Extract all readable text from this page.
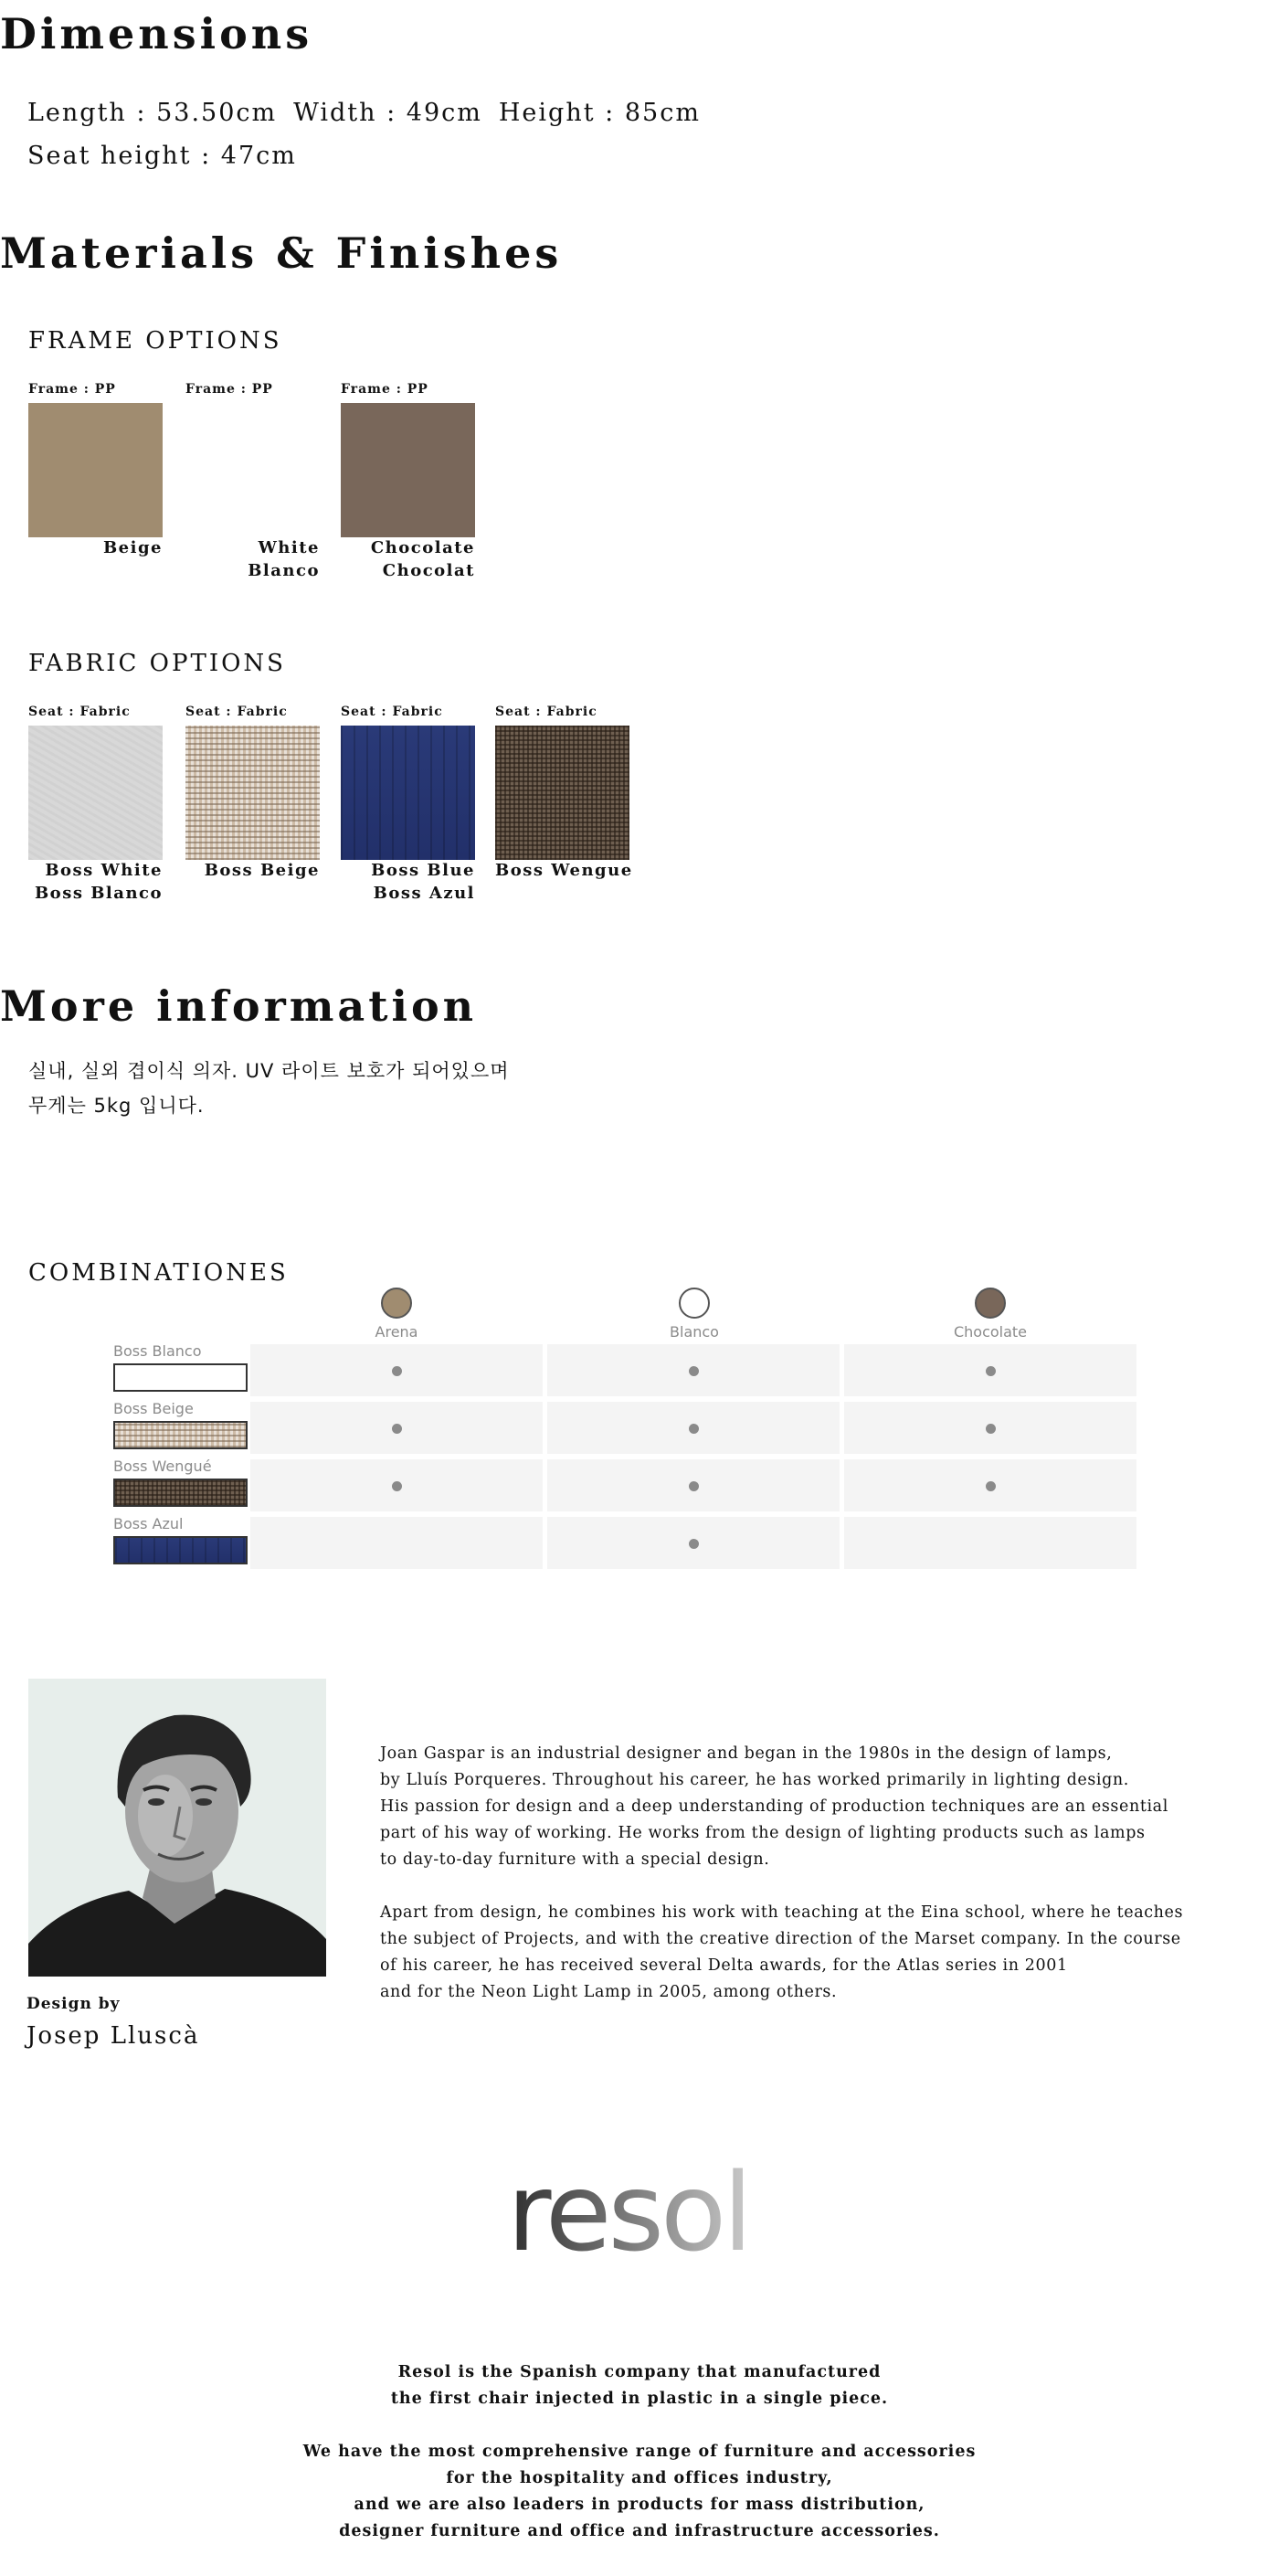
Dimensions
Length : 53.50cm Width : 49cm Height : 85cm
Seat height : 47cm
Materials & Finishes
FRAME OPTIONS
Frame : PP
Beige
Frame : PP
White
Blanco
Frame : PP
Chocolate
Chocolat
FABRIC OPTIONS
Seat : Fabric
Boss White
Boss Blanco
Seat : Fabric
Boss Beige
Seat : Fabric
Boss Blue
Boss Azul
Seat : Fabric
Boss Wengue
More information
실내, 실외 겹이식 의자. UV 라이트 보호가 되어있으며
무게는 5kg 입니다.
COMBINATIONES
Arena	Blanco	Chocolate
Boss Blanco
Boss Beige
Boss Wengué
Boss Azul
Design by
Josep Lluscà
Joan Gaspar is an industrial designer and began in the 1980s in the design of lamps,
by Lluís Porqueres. Throughout his career, he has worked primarily in lighting design.
His passion for design and a deep understanding of production techniques are an essential
part of his way of working. He works from the design of lighting products such as lamps
to day-to-day furniture with a special design.
Apart from design, he combines his work with teaching at the Eina school, where he teaches
the subject of Projects, and with the creative direction of the Marset company. In the course
of his career, he has received several Delta awards, for the Atlas series in 2001
and for the Neon Light Lamp in 2005, among others.
resol
Resol is the Spanish company that manufactured
the first chair injected in plastic in a single piece.
We have the most comprehensive range of furniture and accessories
for the hospitality and offices industry,
and we are also leaders in products for mass distribution,
designer furniture and office and infrastructure accessories.
